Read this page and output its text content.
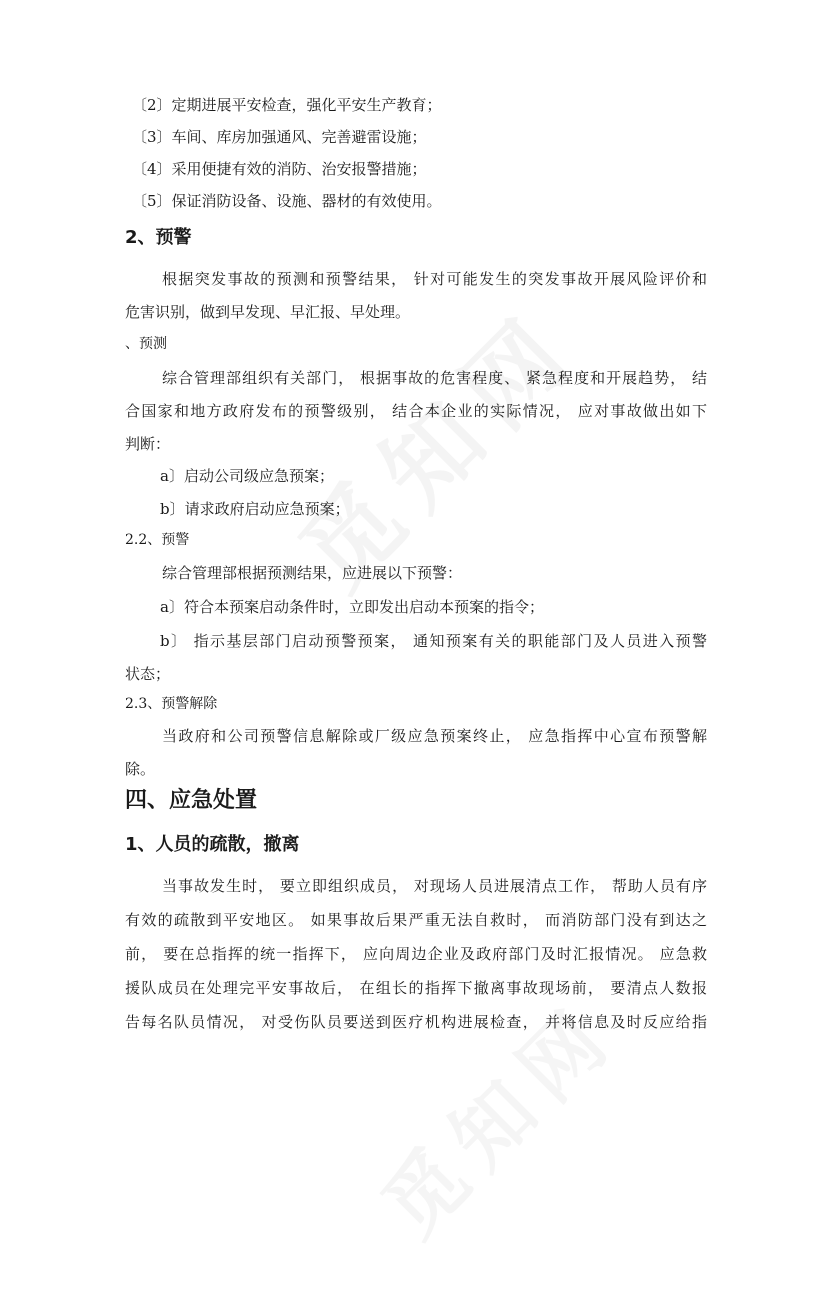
〔2〕定期进展平安检查，强化平安生产教育；
〔3〕车间、库房加强通风、完善避雷设施；
〔4〕采用便捷有效的消防、治安报警措施；
〔5〕保证消防设备、设施、器材的有效使用。
2、预警
根据突发事故的预测和预警结果， 针对可能发生的突发事故开展风险评价和
危害识别，做到早发现、早汇报、早处理。
、预测
综合管理部组织有关部门， 根据事故的危害程度、 紧急程度和开展趋势， 结
合国家和地方政府发布的预警级别， 结合本企业的实际情况， 应对事故做出如下
判断：
a〕启动公司级应急预案；
b〕请求政府启动应急预案；
2.2、预警
综合管理部根据预测结果，应进展以下预警：
a〕符合本预案启动条件时，立即发出启动本预案的指令；
b〕 指示基层部门启动预警预案， 通知预案有关的职能部门及人员进入预警
状态；
2.3、预警解除
当政府和公司预警信息解除或厂级应急预案终止， 应急指挥中心宣布预警解
除。
四、应急处置
1、人员的疏散，撤离
当事故发生时， 要立即组织成员， 对现场人员进展清点工作， 帮助人员有序
有效的疏散到平安地区。 如果事故后果严重无法自救时， 而消防部门没有到达之
前， 要在总指挥的统一指挥下， 应向周边企业及政府部门及时汇报情况。 应急救
援队成员在处理完平安事故后， 在组长的指挥下撤离事故现场前， 要清点人数报
告每名队员情况， 对受伤队员要送到医疗机构进展检查， 并将信息及时反应给指
